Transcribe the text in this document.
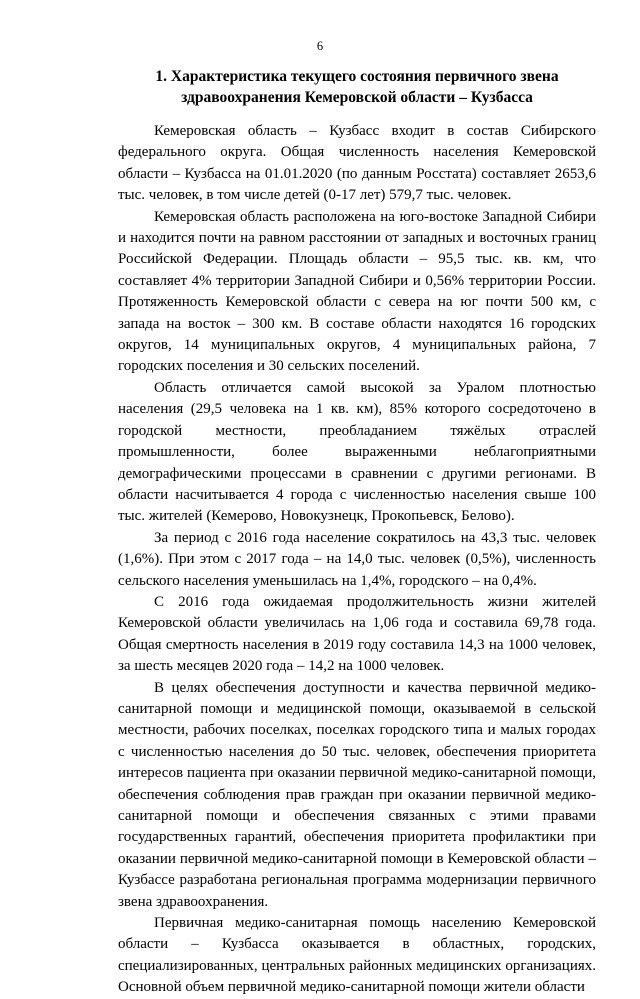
6
1. Характеристика текущего состояния первичного звена
здравоохранения Кемеровской области – Кузбасса

Кемеровская область – Кузбасс входит в состав Сибирского федерального округа. Общая численность населения Кемеровской области – Кузбасса на 01.01.2020 (по данным Росстата) составляет 2653,6 тыс. человек, в том числе детей (0-17 лет) 579,7 тыс. человек.

Кемеровская область расположена на юго-востоке Западной Сибири и находится почти на равном расстоянии от западных и восточных границ Российской Федерации. Площадь области – 95,5 тыс. кв. км, что составляет 4% территории Западной Сибири и 0,56% территории России. Протяженность Кемеровской области с севера на юг почти 500 км, с запада на восток – 300 км. В составе области находятся 16 городских округов, 14 муниципальных округов, 4 муниципальных района, 7 городских поселения и 30 сельских поселений.

Область отличается самой высокой за Уралом плотностью населения (29,5 человека на 1 кв. км), 85% которого сосредоточено в городской местности, преобладанием тяжёлых отраслей промышленности, более выраженными неблагоприятными демографическими процессами в сравнении с другими регионами. В области насчитывается 4 города с численностью населения свыше 100 тыс. жителей (Кемерово, Новокузнецк, Прокопьевск, Белово).

За период с 2016 года население сократилось на 43,3 тыс. человек (1,6%). При этом с 2017 года – на 14,0 тыс. человек (0,5%), численность сельского населения уменьшилась на 1,4%, городского – на 0,4%.

С 2016 года ожидаемая продолжительность жизни жителей Кемеровской области увеличилась на 1,06 года и составила 69,78 года. Общая смертность населения в 2019 году составила 14,3 на 1000 человек, за шесть месяцев 2020 года – 14,2 на 1000 человек.

В целях обеспечения доступности и качества первичной медико-санитарной помощи и медицинской помощи, оказываемой в сельской местности, рабочих поселках, поселках городского типа и малых городах с численностью населения до 50 тыс. человек, обеспечения приоритета интересов пациента при оказании первичной медико-санитарной помощи, обеспечения соблюдения прав граждан при оказании первичной медико-санитарной помощи и обеспечения связанных с этими правами государственных гарантий, обеспечения приоритета профилактики при оказании первичной медико-санитарной помощи в Кемеровской области – Кузбассе разработана региональная программа модернизации первичного звена здравоохранения.

Первичная медико-санитарная помощь населению Кемеровской области – Кузбасса оказывается в областных, городских, специализированных, центральных районных медицинских организациях. Основной объем первичной медико-санитарной помощи жители области
